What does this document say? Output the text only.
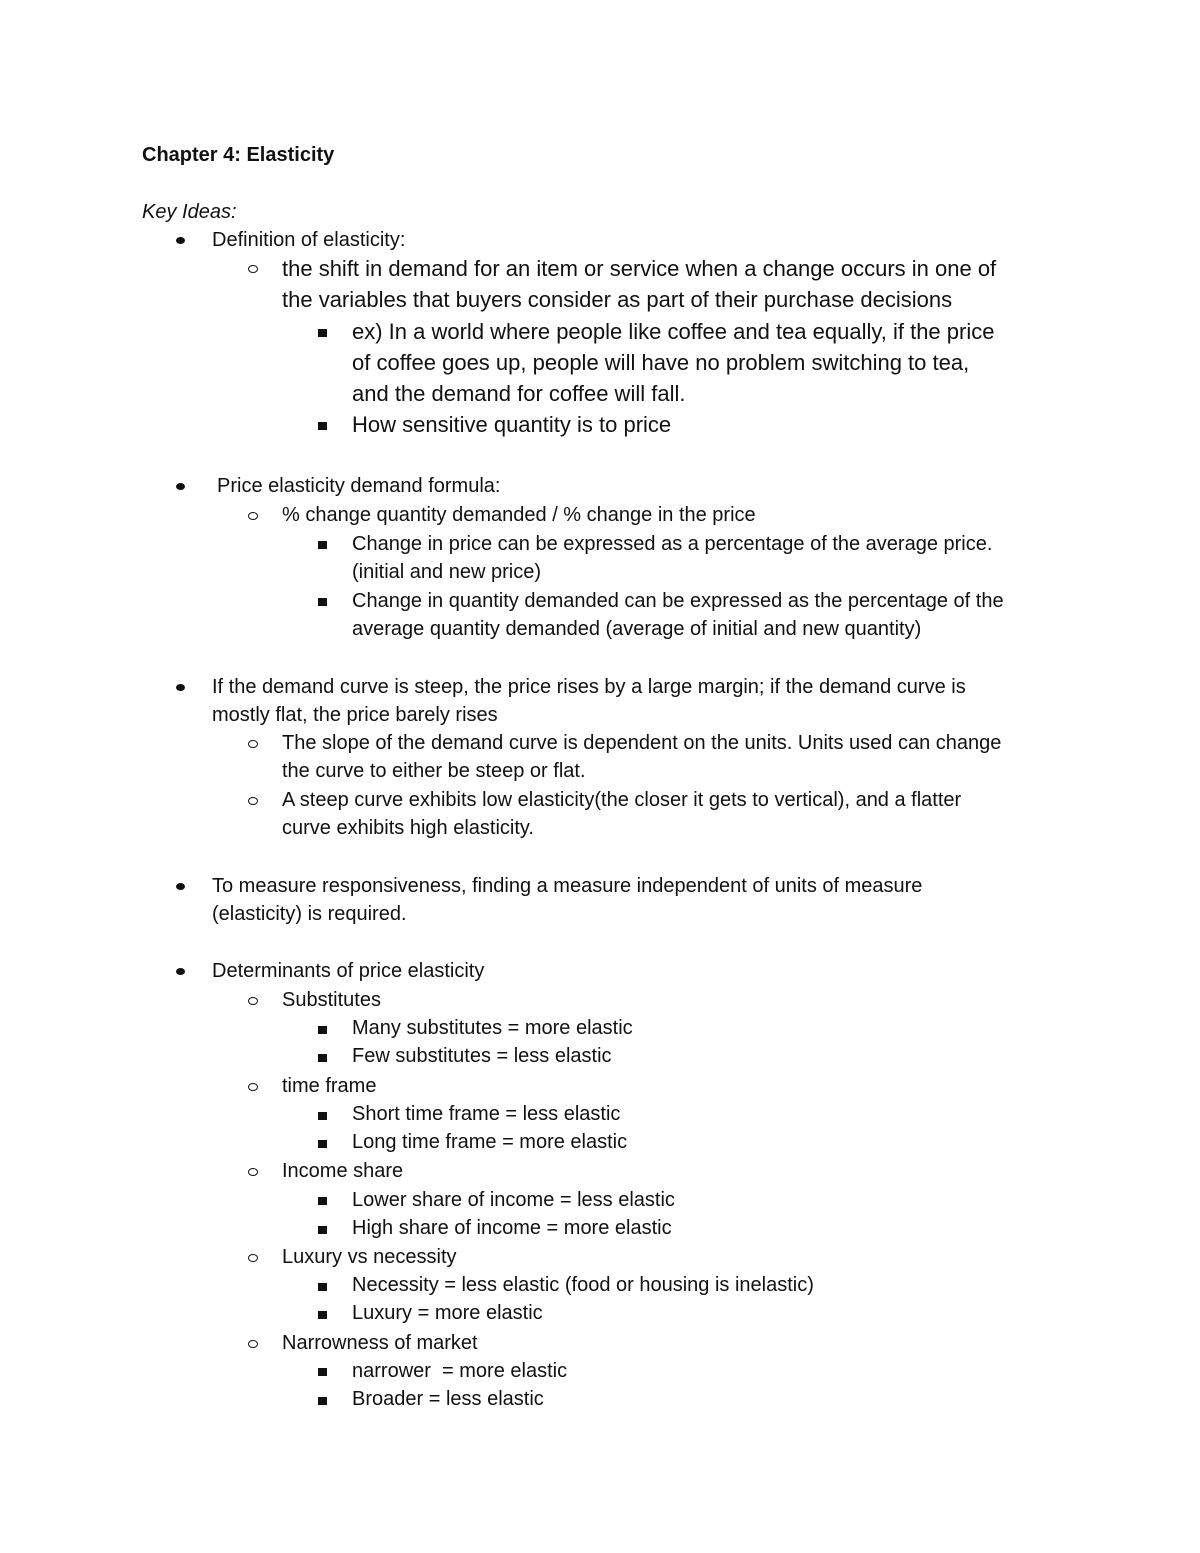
Chapter 4: Elasticity
Key Ideas:
Definition of elasticity:
the shift in demand for an item or service when a change occurs in one of
the variables that buyers consider as part of their purchase decisions
ex) In a world where people like coffee and tea equally, if the price
of coffee goes up, people will have no problem switching to tea,
and the demand for coffee will fall.
How sensitive quantity is to price
Price elasticity demand formula:
% change quantity demanded / % change in the price
Change in price can be expressed as a percentage of the average price.
(initial and new price)
Change in quantity demanded can be expressed as the percentage of the
average quantity demanded (average of initial and new quantity)
If the demand curve is steep, the price rises by a large margin; if the demand curve is
mostly flat, the price barely rises
The slope of the demand curve is dependent on the units. Units used can change
the curve to either be steep or flat.
A steep curve exhibits low elasticity(the closer it gets to vertical), and a flatter
curve exhibits high elasticity.
To measure responsiveness, finding a measure independent of units of measure
(elasticity) is required.
Determinants of price elasticity
Substitutes
Many substitutes = more elastic
Few substitutes = less elastic
time frame
Short time frame = less elastic
Long time frame = more elastic
Income share
Lower share of income = less elastic
High share of income = more elastic
Luxury vs necessity
Necessity = less elastic (food or housing is inelastic)
Luxury = more elastic
Narrowness of market
narrower  = more elastic
Broader = less elastic
